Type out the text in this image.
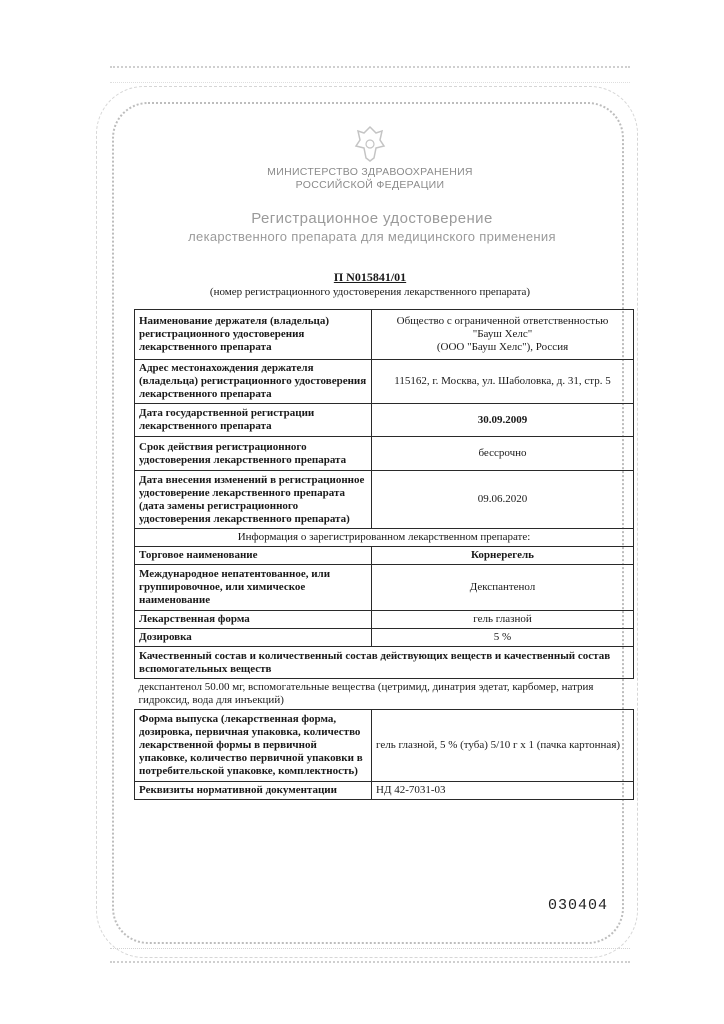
МИНИСТЕРСТВО ЗДРАВООХРАНЕНИЯ
РОССИЙСКОЙ ФЕДЕРАЦИИ
Регистрационное удостоверение
лекарственного препарата для медицинского применения
П N015841/01
(номер регистрационного удостоверения лекарственного препарата)
Наименование держателя (владельца) регистрационного удостоверения лекарственного препарата	Общество с ограниченной ответственностью
"Бауш Хелс"
(ООО "Бауш Хелс"), Россия

Адрес местонахождения держателя (владельца) регистрационного удостоверения лекарственного препарата	115162, г. Москва, ул. Шаболовка, д. 31, стр. 5
Дата государственной регистрации лекарственного препарата	30.09.2009
Срок действия регистрационного удостоверения лекарственного препарата	бессрочно
Дата внесения изменений в регистрационное удостоверение лекарственного препарата (дата замены регистрационного удостоверения лекарственного препарата)	09.06.2020
Информация о зарегистрированном лекарственном препарате:	
Торговое наименование	Корнерегель
Международное непатентованное, или группировочное, или химическое наименование	Декспантенол
Лекарственная форма	гель глазной
Дозировка	5 %
Качественный состав и количественный состав действующих веществ и качественный состав вспомогательных веществ	
декспантенол 50.00 мг, вспомогательные вещества (цетримид, динатрия эдетат, карбомер, натрия гидроксид, вода для инъекций)	
Форма выпуска (лекарственная форма, дозировка, первичная упаковка, количество лекарственной формы в первичной упаковке, количество первичной упаковки в потребительской упаковке, комплектность)	гель глазной, 5 % (туба) 5/10 г х 1 (пачка картонная)
Реквизиты нормативной документации	НД 42-7031-03
030404
